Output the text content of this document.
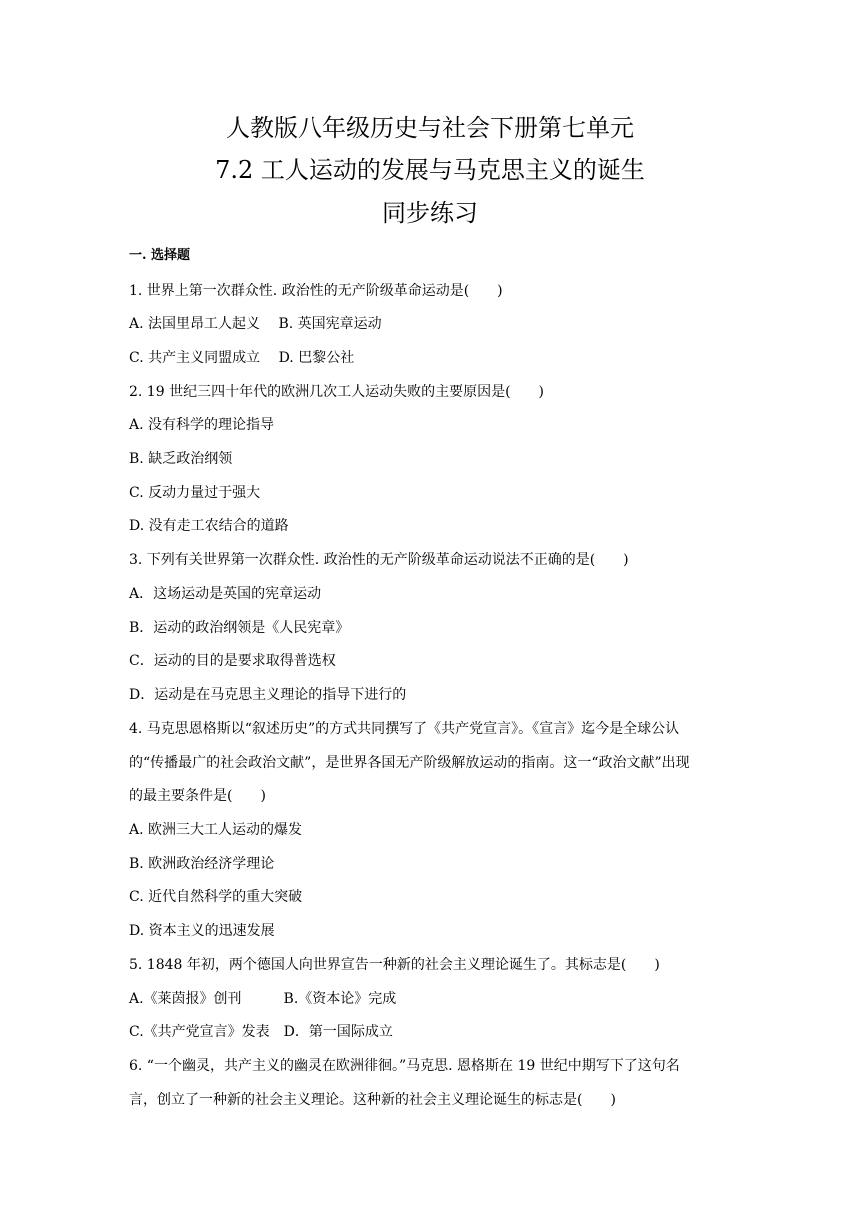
人教版八年级历史与社会下册第七单元
7.2 工人运动的发展与马克思主义的诞生
同步练习
一. 选择题
1. 世界上第一次群众性. 政治性的无产阶级革命运动是(　　)
A. 法国里昂工人起义　 B. 英国宪章运动
C. 共产主义同盟成立　 D. 巴黎公社
2. 19 世纪三四十年代的欧洲几次工人运动失败的主要原因是(　　)
A. 没有科学的理论指导
B. 缺乏政治纲领
C. 反动力量过于强大
D. 没有走工农结合的道路
3. 下列有关世界第一次群众性. 政治性的无产阶级革命运动说法不正确的是(　　)
A．这场运动是英国的宪章运动
B．运动的政治纲领是《人民宪章》
C．运动的目的是要求取得普选权
D．运动是在马克思主义理论的指导下进行的
4. 马克思恩格斯以“叙述历史”的方式共同撰写了《共产党宣言》。《宣言》迄今是全球公认
的“传播最广的社会政治文献”，是世界各国无产阶级解放运动的指南。这一“政治文献”出现
的最主要条件是(　　)
A. 欧洲三大工人运动的爆发
B. 欧洲政治经济学理论
C. 近代自然科学的重大突破
D. 资本主义的迅速发展
5. 1848 年初，两个德国人向世界宣告一种新的社会主义理论诞生了。其标志是(　　)
A.《莱茵报》创刊　　　B.《资本论》完成
C.《共产党宣言》发表　D．第一国际成立
6. “一个幽灵，共产主义的幽灵在欧洲徘徊。”马克思. 恩格斯在 19 世纪中期写下了这句名
言，创立了一种新的社会主义理论。这种新的社会主义理论诞生的标志是(　　)
